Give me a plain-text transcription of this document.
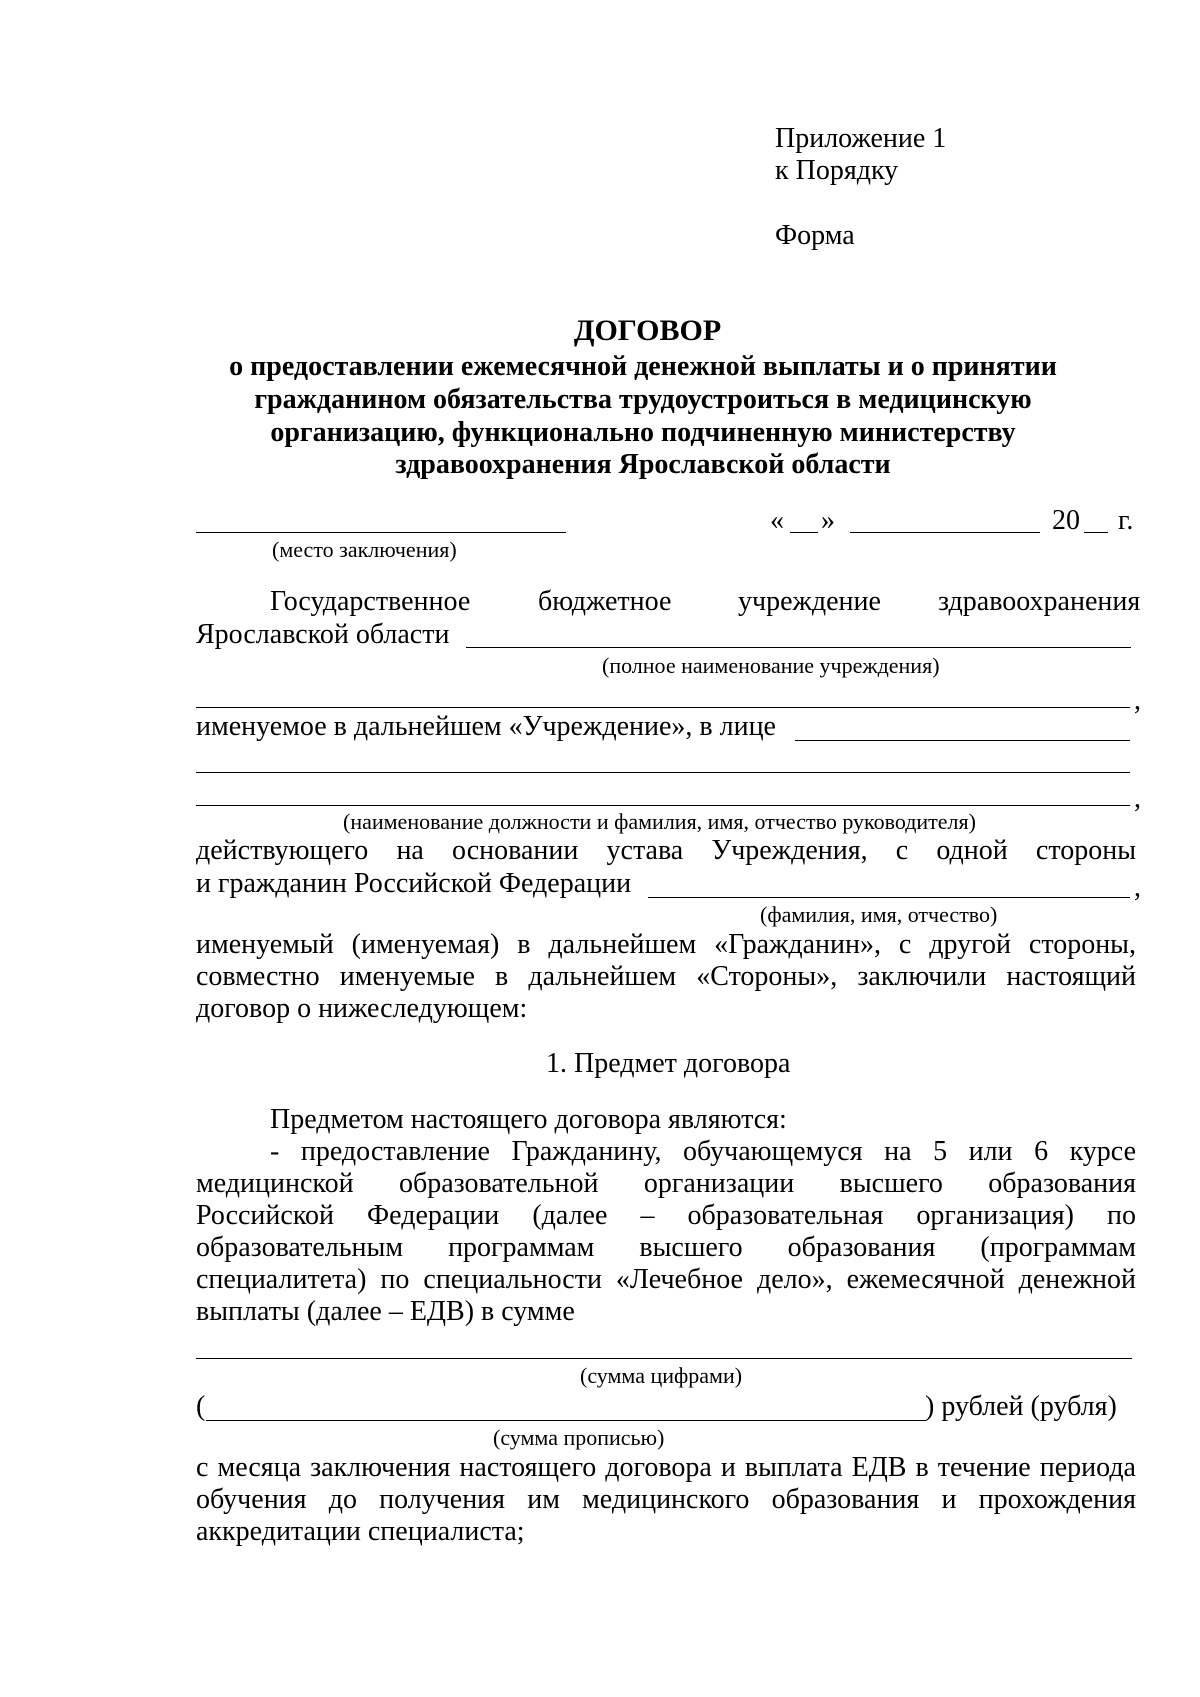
Приложение 1
к Порядку
Форма
ДОГОВОР
о предоставлении ежемесячной денежной выплаты и о принятии
гражданином обязательства трудоустроиться в медицинскую
организацию, функционально подчиненную министерству
здравоохранения Ярославской области
« »	20 г.
(место заключения)
Государственное бюджетное учреждение здравоохранения
Ярославской области
(полное наименование учреждения)
,
именуемое в дальнейшем «Учреждение», в лице
,
(наименование должности и фамилия, имя, отчество руководителя)
действующего на основании устава Учреждения, с одной стороны
и гражданин Российской Федерации	,
(фамилия, имя, отчество)
именуемый (именуемая) в дальнейшем «Гражданин», с другой стороны,
совместно именуемые в дальнейшем «Стороны», заключили настоящий
договор о нижеследующем:
1. Предмет договора
Предметом настоящего договора являются:
- предоставление Гражданину, обучающемуся на 5 или 6 курсе
медицинской образовательной организации высшего образования
Российской Федерации (далее – образовательная организация) по
образовательным программам высшего образования (программам
специалитета) по специальности «Лечебное дело», ежемесячной денежной
выплаты (далее – ЕДВ) в сумме
(сумма цифрами)
(	) рублей (рубля)
(сумма прописью)
с месяца заключения настоящего договора и выплата ЕДВ в течение периода
обучения до получения им медицинского образования и прохождения
аккредитации специалиста;
